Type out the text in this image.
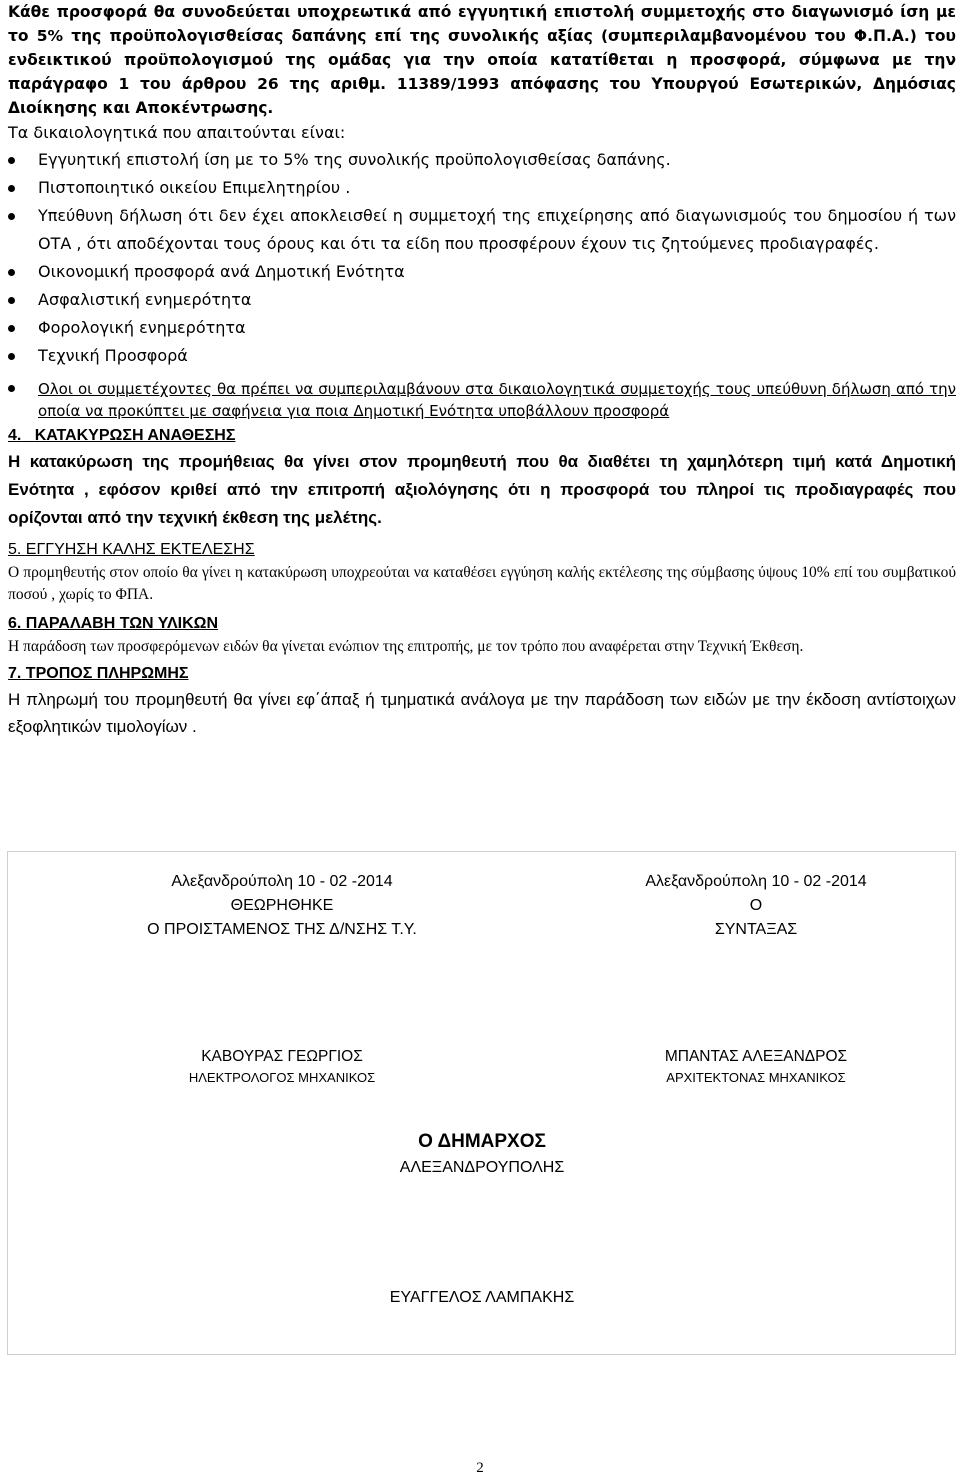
Κάθε προσφορά θα συνοδεύεται υποχρεωτικά από εγγυητική επιστολή συμμετοχής στο διαγωνισμό ίση με το 5% της προϋπολογισθείσας δαπάνης επί της συνολικής αξίας (συμπεριλαμβανομένου του Φ.Π.Α.) του ενδεικτικού προϋπολογισμού της ομάδας για την οποία κατατίθεται η προσφορά, σύμφωνα με την παράγραφο 1 του άρθρου 26 της αριθμ. 11389/1993 απόφασης του Υπουργού Εσωτερικών, Δημόσιας Διοίκησης και Αποκέντρωσης.

Τα δικαιολογητικά που απαιτούνται είναι:

Εγγυητική επιστολή ίση με το 5% της συνολικής προϋπολογισθείσας δαπάνης.
Πιστοποιητικό οικείου Επιμελητηρίου .
Υπεύθυνη δήλωση ότι δεν έχει αποκλεισθεί η συμμετοχή της επιχείρησης από διαγωνισμούς του δημοσίου ή των ΟΤΑ , ότι αποδέχονται τους όρους και ότι τα είδη που προσφέρουν έχουν τις ζητούμενες προδιαγραφές.
Οικονομική προσφορά ανά Δημοτική Ενότητα
Ασφαλιστική ενημερότητα
Φορολογική ενημερότητα
Τεχνική Προσφορά
Ολοι οι συμμετέχοντες θα πρέπει να συμπεριλαμβάνουν στα δικαιολογητικά συμμετοχής τους υπεύθυνη δήλωση από την οποία να προκύπτει με σαφήνεια για ποια Δημοτική Ενότητα υποβάλλουν προσφορά
4. ΚΑΤΑΚΥΡΩΣΗ ΑΝΑΘΕΣΗΣ

Η κατακύρωση της προμήθειας θα γίνει στον προμηθευτή που θα διαθέτει τη χαμηλότερη τιμή κατά Δημοτική Ενότητα , εφόσον κριθεί από την επιτροπή αξιολόγησης ότι η προσφορά του πληροί τις προδιαγραφές που ορίζονται από την τεχνική έκθεση της μελέτης.

5. ΕΓΓΥΗΣΗ ΚΑΛΗΣ ΕΚΤΕΛΕΣΗΣ

Ο προμηθευτής στον οποίο θα γίνει η κατακύρωση υποχρεούται να καταθέσει εγγύηση καλής εκτέλεσης της σύμβασης ύψους 10% επί του συμβατικού ποσού , χωρίς το ΦΠΑ.

6. ΠΑΡΑΛΑΒΗ ΤΩΝ ΥΛΙΚΩΝ

Η παράδοση των προσφερόμενων ειδών θα γίνεται ενώπιον της επιτροπής, με τον τρόπο που αναφέρεται στην Τεχνική Έκθεση.

7. ΤΡΟΠΟΣ ΠΛΗΡΩΜΗΣ

Η πληρωμή του προμηθευτή θα γίνει εφ΄άπαξ ή τμηματικά ανάλογα με την παράδοση των ειδών με την έκδοση αντίστοιχων εξοφλητικών τιμολογίων .

Αλεξανδρούπολη 10 - 02 -2014
ΘΕΩΡΗΘΗΚΕ
Ο ΠΡΟΙΣΤΑΜΕΝΟΣ ΤΗΣ Δ/ΝΣΗΣ Τ.Υ.
Αλεξανδρούπολη 10 - 02 -2014
Ο
ΣΥΝΤΑΞΑΣ
ΚΑΒΟΥΡΑΣ ΓΕΩΡΓΙΟΣ
ΗΛΕΚΤΡΟΛΟΓΟΣ ΜΗΧΑΝΙΚΟΣ
ΜΠΑΝΤΑΣ ΑΛΕΞΑΝΔΡΟΣ
ΑΡΧΙΤΕΚΤΟΝΑΣ ΜΗΧΑΝΙΚΟΣ
Ο ΔΗΜΑΡΧΟΣ
ΑΛΕΞΑΝΔΡΟΥΠΟΛΗΣ
ΕΥΑΓΓΕΛΟΣ ΛΑΜΠΑΚΗΣ
2
